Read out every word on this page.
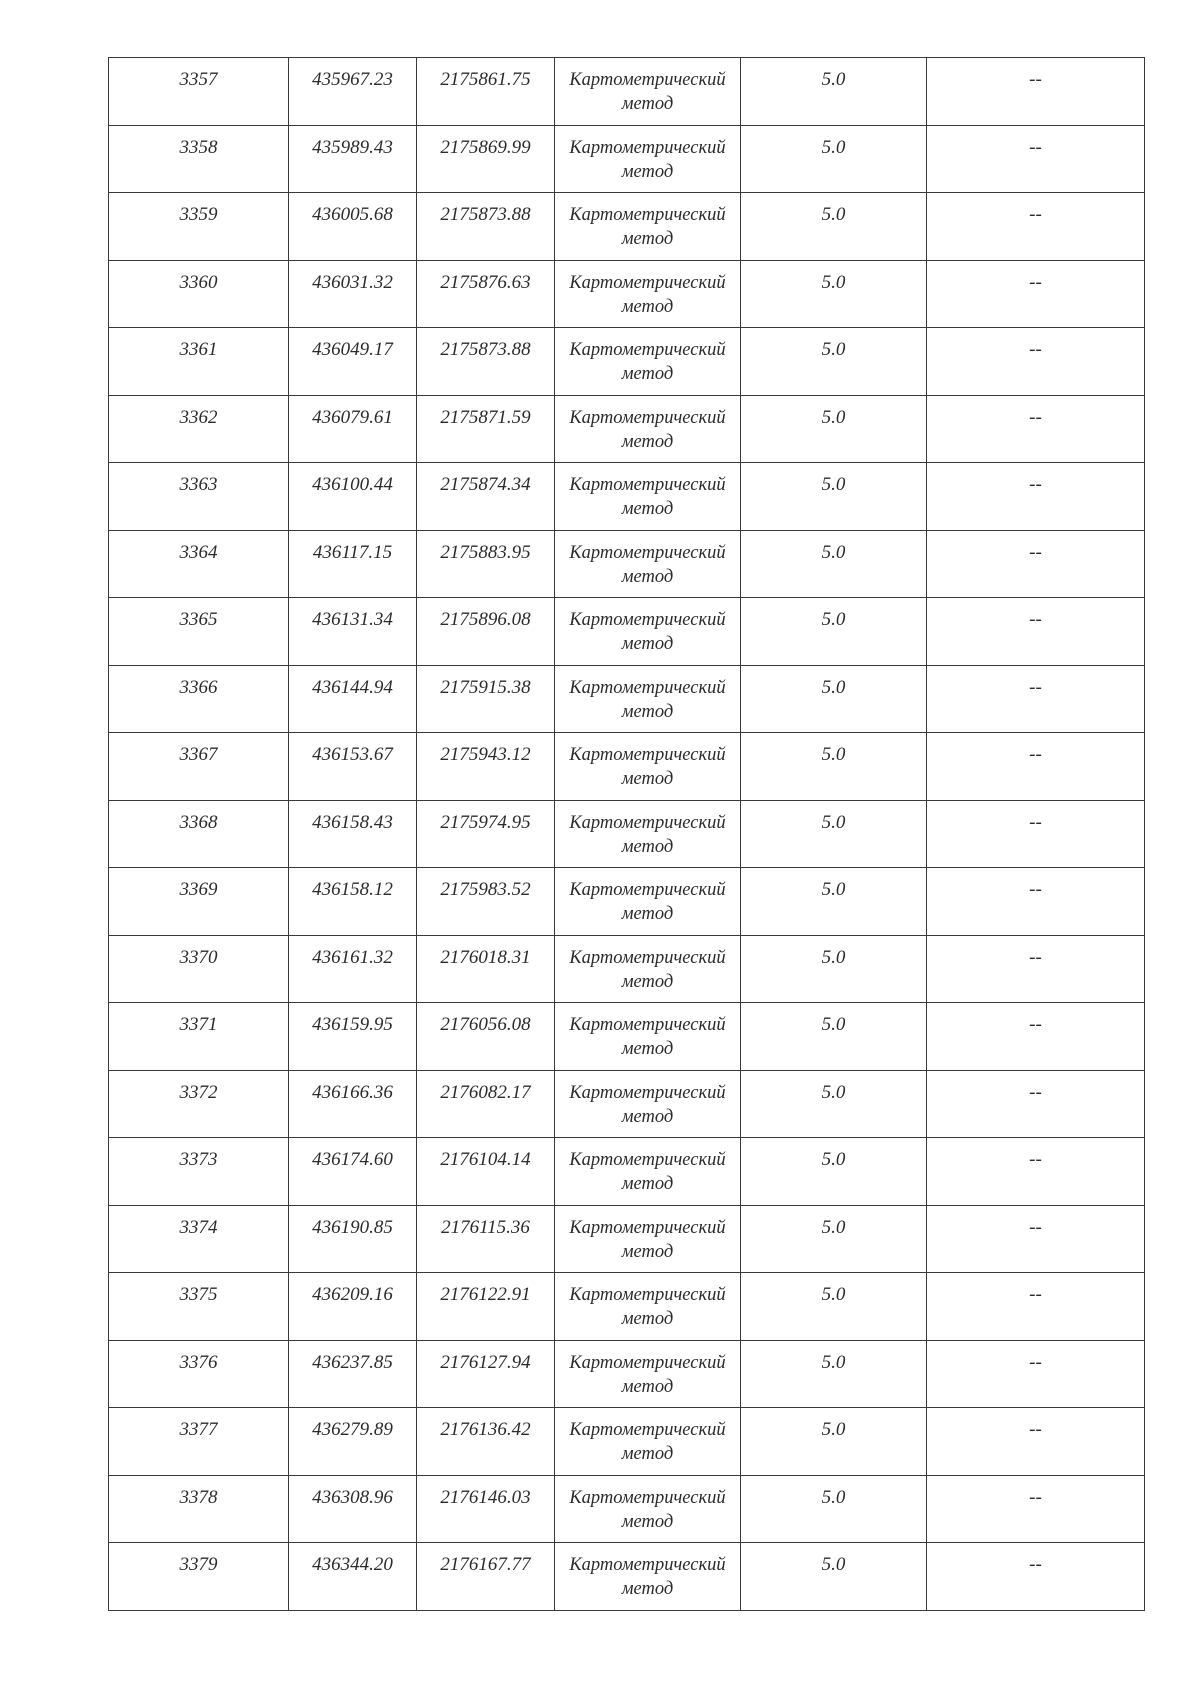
3357	435967.23	2175861.75	Картометрический метод	5.0	--

3358	435989.43	2175869.99	Картометрический метод	5.0	--

3359	436005.68	2175873.88	Картометрический метод	5.0	--

3360	436031.32	2175876.63	Картометрический метод	5.0	--

3361	436049.17	2175873.88	Картометрический метод	5.0	--

3362	436079.61	2175871.59	Картометрический метод	5.0	--

3363	436100.44	2175874.34	Картометрический метод	5.0	--

3364	436117.15	2175883.95	Картометрический метод	5.0	--

3365	436131.34	2175896.08	Картометрический метод	5.0	--

3366	436144.94	2175915.38	Картометрический метод	5.0	--

3367	436153.67	2175943.12	Картометрический метод	5.0	--

3368	436158.43	2175974.95	Картометрический метод	5.0	--

3369	436158.12	2175983.52	Картометрический метод	5.0	--

3370	436161.32	2176018.31	Картометрический метод	5.0	--

3371	436159.95	2176056.08	Картометрический метод	5.0	--

3372	436166.36	2176082.17	Картометрический метод	5.0	--

3373	436174.60	2176104.14	Картометрический метод	5.0	--

3374	436190.85	2176115.36	Картометрический метод	5.0	--

3375	436209.16	2176122.91	Картометрический метод	5.0	--

3376	436237.85	2176127.94	Картометрический метод	5.0	--

3377	436279.89	2176136.42	Картометрический метод	5.0	--

3378	436308.96	2176146.03	Картометрический метод	5.0	--

3379	436344.20	2176167.77	Картометрический метод	5.0	--
